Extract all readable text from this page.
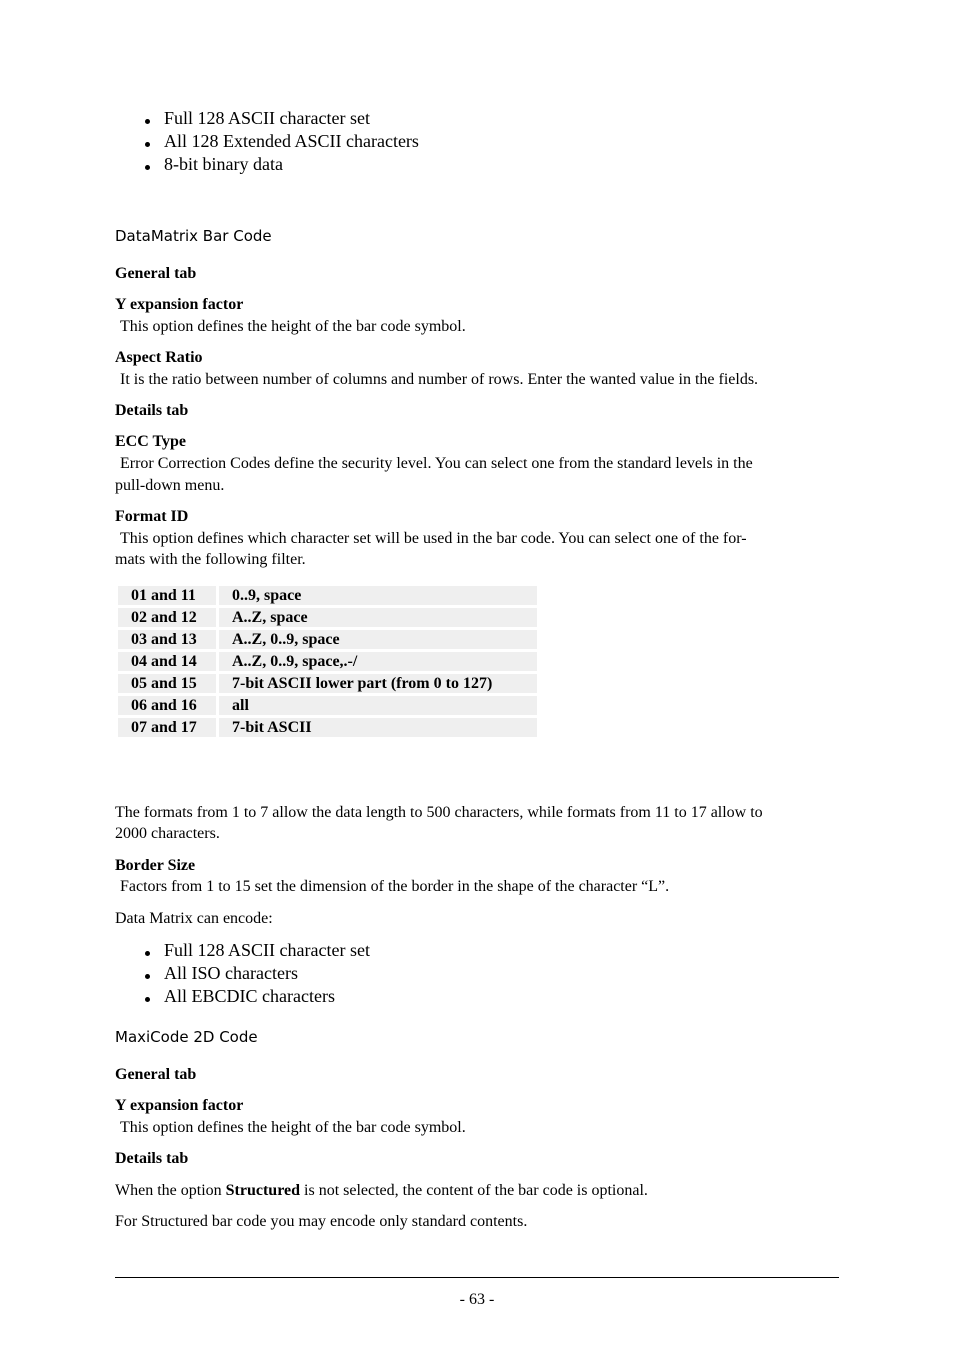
Full 128 ASCII character set
All 128 Extended ASCII characters
8-bit binary data
DataMatrix Bar Code
General tab
Y expansion factor
This option defines the height of the bar code symbol.
Aspect Ratio
It is the ratio between number of columns and number of rows. Enter the wanted value in the fields.
Details tab
ECC Type
Error Correction Codes define the security level. You can select one from the standard levels in the
pull-down menu.
Format ID
This option defines which character set will be used in the bar code. You can select one of the for-
mats with the following filter.
01 and 11	0..9, space
02 and 12	A..Z, space
03 and 13	A..Z, 0..9, space
04 and 14	A..Z, 0..9, space,.-/
05 and 15	7-bit ASCII lower part (from 0 to 127)
06 and 16	all
07 and 17	7-bit ASCII
The formats from 1 to 7 allow the data length to 500 characters, while formats from 11 to 17 allow to
2000 characters.
Border Size
Factors from 1 to 15 set the dimension of the border in the shape of the character “L”.
Data Matrix can encode:
Full 128 ASCII character set
All ISO characters
All EBCDIC characters
MaxiCode 2D Code
General tab
Y expansion factor
This option defines the height of the bar code symbol.
Details tab
When the option Structured is not selected, the content of the bar code is optional.
For Structured bar code you may encode only standard contents.
- 63 -
